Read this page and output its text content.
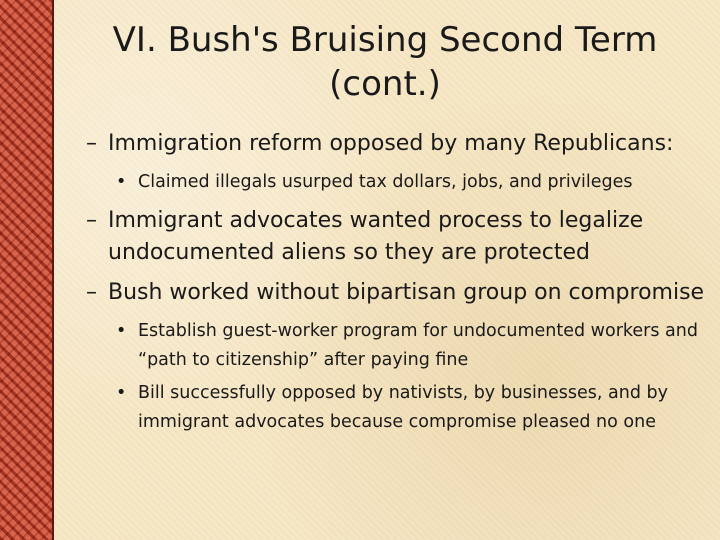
VI. Bush's Bruising Second Term
(cont.)
– Immigration reform opposed by many Republicans:
• Claimed illegals usurped tax dollars, jobs, and privileges
– Immigrant advocates wanted process to legalize undocumented aliens so they are protected
– Bush worked without bipartisan group on compromise
• Establish guest-worker program for undocumented workers and “path to citizenship” after paying fine
• Bill successfully opposed by nativists, by businesses, and by immigrant advocates because compromise pleased no one
